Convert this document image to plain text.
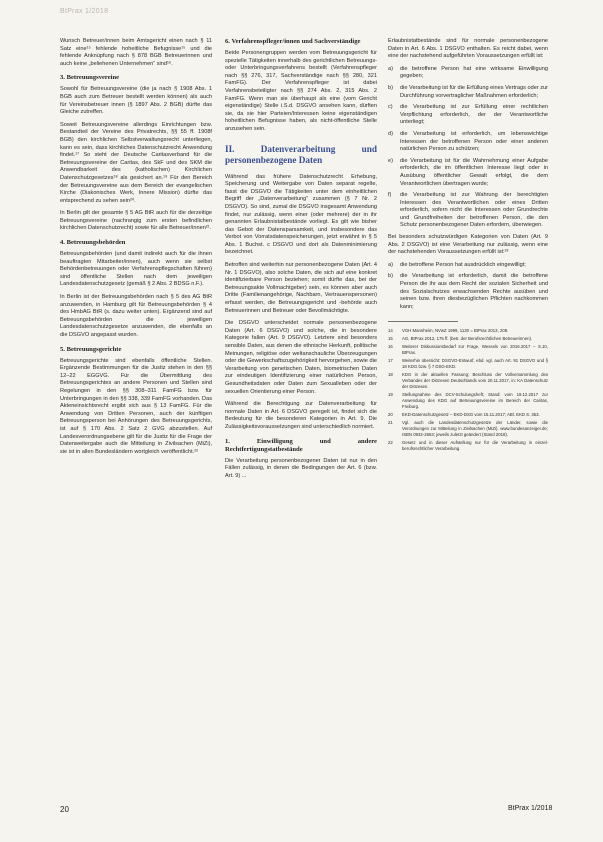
BtPrax 1/2018

Wunsch Betreuer/innen beim Amtsgericht einen nach § 11 Satz eine¹⁵ fehlende hoheitliche Befugnisse¹⁵ und die fehlende Anknüpfung nach § 878 BGB Betreuerinnen und auch keine „beliehenen Unternehmen“ sind¹⁶.

3. Betreuungsvereine

Sowohl für Betreuungsvereine (die ja nach § 1908 Abs. 1 BGB auch zum Betreuer bestellt werden können) als auch für Vereinsbetreuer innen (§ 1897 Abs. 2 BGB) dürfte das Gleiche zutreffen.

Soweit Betreuungsvereine allerdings Einrichtungen bzw. Bestandteil der Vereine des Privatrechts, §§ 55 ff. 1908f BGB) den kirchlichen Selbstverwaltungsrecht unterliegen, kann es sein, dass kirchliches Datenschutzrecht Anwendung findet.¹⁷ So steht der Deutsche Caritasverband für die Betreuungsvereine der Caritas, des SkF und des SKM die Anwendbarkeit des (katholischen) Kirchlichen Datenschutzgesetzes¹⁸ als gesichert an.¹⁹ Für den Bereich der Betreuungsvereine aus dem Bereich der evangelischen Kirche (Diakonisches Werk, Innere Mission) dürfte das entsprechend zu sehen sein²⁰.

In Berlin gilt der gesamte § 5 AG BtR auch für die derzeitige Betreuungsvereine (nachrangig zum ersten befindlichen kirchlichen Datenschutzrecht) sowie für alle Betreuer/innen²¹.

4. Betreuungsbehörden

Betreuungsbehörden (und damit indirekt auch für die ihnen beauftragten Mitarbeiter/innen), auch wenn sie selbst Behördenbetreuungen oder Verfahrenspflegschaften führen) sind öffentliche Stellen nach dem jeweiligen Landesdatenschutzgesetz (gemäß § 2 Abs. 2 BDSG n.F.).

In Berlin ist der Betreuungsbehörden nach § 5 des AG BtR anzuwenden, in Hamburg gilt für Betreuungsbehörden § 4 des HmbAG BtR (s. dazu weiter unten). Ergänzend sind auf Betreuungsbehörden die jeweiligen Landesdatenschutzgesetze anzuwenden, die ebenfalls an die DSGVO angepasst wurden.

5. Betreuungsgerichte

Betreuungsgerichte sind ebenfalls öffentliche Stellen. Ergänzende Bestimmungen für die Justiz stehen in den §§ 12–22 EGGVG. Für die Übermittlung des Betreuungsgerichtes an andere Personen und Stellen sind Regelungen in den §§ 308–311 FamFG bzw. für Unterbringungen in den §§ 338, 339 FamFG vorhanden. Das Akteneinsichtsrecht ergibt sich aus § 13 FamFG. Für die Anwendung von Dritten Personen, auch der künftigen Betreuungsperson bei Anhörungen des Betreuungsgerichts, ist auf § 170 Abs. 2 Satz 2 GVG abzustellen. Auf Landesverordnungsebene gilt für die Justiz für die Frage der Datenweitergabe auch die Mitteilung in Zivilsachen (MiZi), sie ist in allen Bundesländern wortgleich veröffentlicht.²²

6. Verfahrenspfleger/innen und Sachverständige

Beide Personengruppen werden vom Betreuungsgericht für spezielle Tätigkeiten innerhalb des gerichtlichen Betreuungs- oder Unterbringungsverfahrens bestellt (Verfahrenspfleger nach §§ 276, 317, Sachverständige nach §§ 280, 321 FamFG). Der Verfahrenspfleger ist dabei Verfahrensbeteiligter nach §§ 274 Abs. 2, 315 Abs. 2 FamFG. Wenn man sie überhaupt als eine (vom Gericht eigenständige) Stelle i.S.d. DSGVO ansehen kann, dürften sie, da sie hier Parteien/Interessen keine eigenständigen hoheitlichen Befugnisse haben, als nicht-öffentliche Stelle anzusehen sein.

II. Datenverarbeitung und personenbezogene Daten

Während das frühere Datenschutzrecht Erhebung, Speicherung und Weitergabe von Daten separat regelte, fasst die DSGVO die Tätigkeiten unter dem einheitlichen Begriff der „Datenverarbeitung“ zusammen (§ 7 Nr. 2 DSGVO). So sind, zumal die DSGVO insgesamt Anwendung findet, nur zulässig, wenn einer (oder mehrere) der in ihr genannten Erlaubnistatbestände vorliegt. Es gilt wie bisher das Gebot der Datensparsamkeit, und insbesondere das Verbot von Vorratsdatenspeicherungen, jetzt erwähnt in § 5 Abs. 1 Buchst. c DSGVO und dort als Datenminimierung bezeichnet.

Betroffen sind weiterhin nur personenbezogene Daten (Art. 4 Nr. 1 DSGVO), also solche Daten, die sich auf eine konkret identifizierbare Person beziehen; somit dürfte das, bei der Betreuungsakte Vollmachtgeber) sein, es können aber auch Dritte (Familienangehörige, Nachbarn, Vertrauenspersonen) erfasst werden, die Betreuungsgericht und -behörde auch Betreuerinnen und Betreuer oder Bevollmächtigte.

Die DSGVO unterscheidet normale personenbezogene Daten (Art. 6 DSGVO) und solche, die in besondere Kategorie fallen (Art. 9 DSGVO). Letztere sind besonders sensible Daten, aus denen die ethnische Herkunft, politische Meinungen, religiöse oder weltanschauliche Überzeugungen oder die Gewerkschaftszugehörigkeit hervorgehen, sowie die Verarbeitung von genetischen Daten, biometrischen Daten zur eindeutigen Identifizierung einer natürlichen Person, Gesundheitsdaten oder Daten zum Sexualleben oder der sexuellen Orientierung einer Person.

Während die Berechtigung zur Datenverarbeitung für normale Daten in Art. 6 DSGVO geregelt ist, findet sich die Bedeutung für die besonderen Kategorien in Art. 9. Die Zulässigkeitsvoraussetzungen sind unterschiedlich normiert.

1. Einwilligung und andere Rechtfertigungstatbestände

Die Verarbeitung personenbezogener Daten ist nur in den Fällen zulässig, in denen die Bedingungen der Art. 6 (bzw. Art. 9) ...

Erlaubnistatbestände sind für normale personenbezogene Daten in Art. 6 Abs. 1 DSGVO enthalten. Es reicht dabei, wenn eine der nachstehend aufgeführten Voraussetzungen erfüllt ist:

a)	die betroffene Person hat eine wirksame Einwilligung gegeben;
b)	die Verarbeitung ist für die Erfüllung eines Vertrags oder zur Durchführung vorvertraglicher Maßnahmen erforderlich;
c)	die Verarbeitung ist zur Erfüllung einer rechtlichen Verpflichtung erforderlich, der der Verantwortliche unterliegt;
d)	die Verarbeitung ist erforderlich, um lebenswichtige Interessen der betroffenen Person oder einer anderen natürlichen Person zu schützen;
e)	die Verarbeitung ist für die Wahrnehmung einer Aufgabe erforderlich, die im öffentlichen Interesse liegt oder in Ausübung öffentlicher Gewalt erfolgt, die dem Verantwortlichen übertragen wurde;
f)	die Verarbeitung ist zur Wahrung der berechtigten Interessen des Verantwortlichen oder eines Dritten erforderlich, sofern nicht die Interessen oder Grundrechte und Grundfreiheiten der betroffenen Person, die den Schutz personenbezogener Daten erfordern, überwiegen.

Bei besonders schutzwürdigen Kategorien von Daten (Art. 9 Abs. 2 DSGVO) ist eine Verarbeitung nur zulässig, wenn eine der nachstehenden Voraussetzungen erfüllt ist:²³

a)	die betroffene Person hat ausdrücklich eingewilligt;
b)	die Verarbeitung ist erforderlich, damit die betroffene Person die ihr aus dem Recht der sozialen Sicherheit und des Sozialschutzes erwachsenden Rechte ausüben und seinen bzw. ihren diesbezüglichen Pflichten nachkommen kann;
14	VGH Mannheim, NVwZ 1999, 1130 = BtPrax 2013, 208.
15	AG, BtPrax 2012, 175 ff. (betr. der Berufsrechtlichen Betreuerinnen).
16	Weiterer Diskussionsbedarf zur Frage, Wessels von 2016.2017 – S.10, BtPrax.
17	Weiterhin übersicht: DSGVO-Entwurf, ebd. vgl. auch Art. 91 DSGVO und § 18 KDG bzw. § 7 DSG-EKD.
18	KDG in der aktuellen Fassung; Beschluss der Vollversammlung des Verbandes der Diözesen Deutschlands vom 20.11.2017, in: KA Datenschutz der Diözesen.
19	Stellungnahme des DCV-Schulungsheft; Stand: vom 19.12.2017 zur Anwendung des KDG auf Betreuungsvereine im Bereich der Caritas, Freiburg.
20	EKD-Datenschutzgesetz – EKD-DSG vom 15.11.2017; ABl. EKD S. 353.
21	Vgl. auch die Landesdatenschutzgesetze der Länder, sowie die Verordnungen zur Mitteilung in Zivilsachen (MiZi). www.bundesanzeiger.de; ISBN 0932-2663; jeweils zuletzt geändert (Stand 2018).
22	Gesetz und in dieser Aufstellung nur für die Verarbeitung in einzel-berufsrechtlicher Verarbeitung.
20	BtPrax 1/2018
